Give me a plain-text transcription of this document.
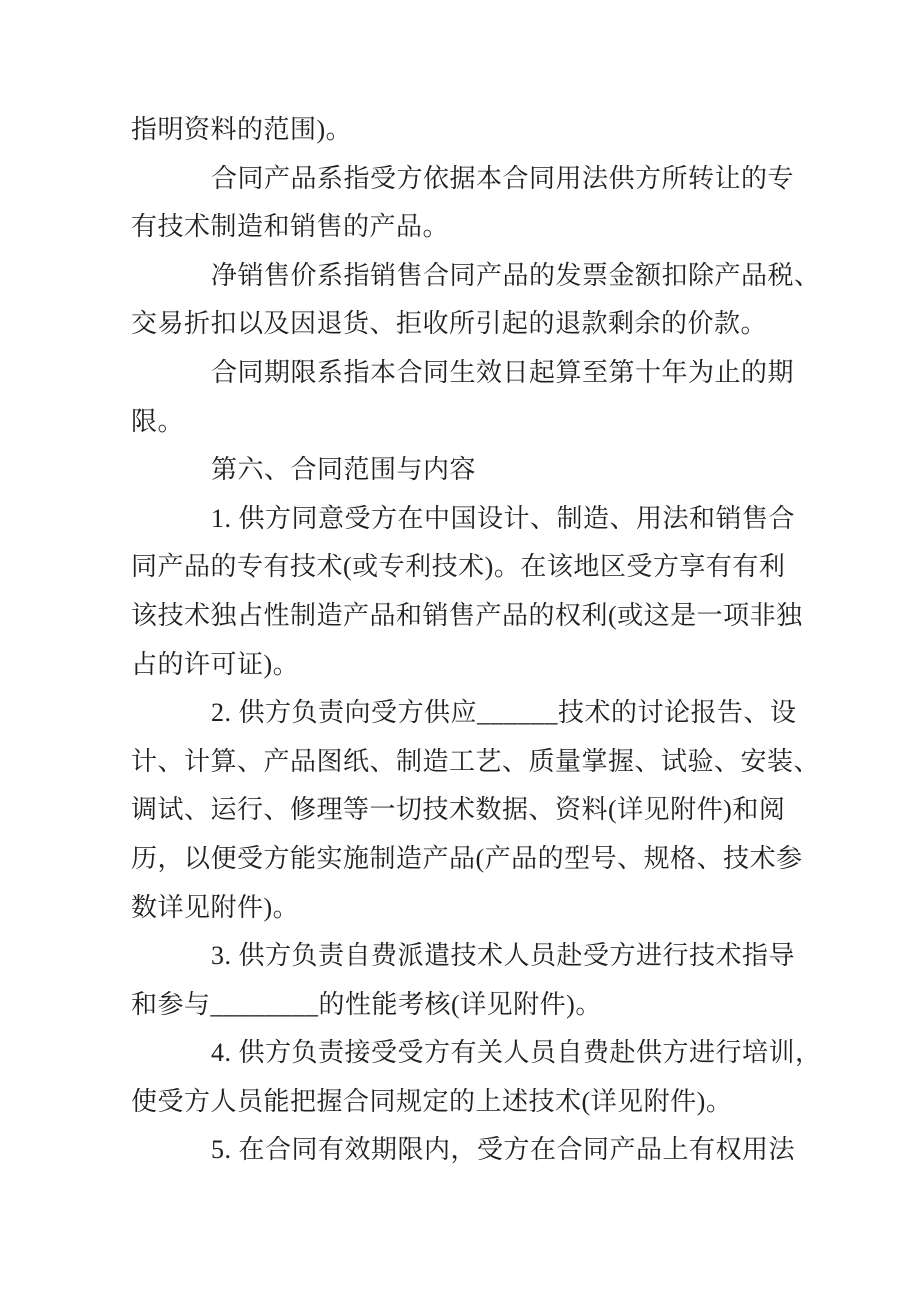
指明资料的范围)。
合同产品系指受方依据本合同用法供方所转让的专
有技术制造和销售的产品。
净销售价系指销售合同产品的发票金额扣除产品税、
交易折扣以及因退货、拒收所引起的退款剩余的价款。
合同期限系指本合同生效日起算至第十年为止的期
限。
第六、合同范围与内容
1. 供方同意受方在中国设计、制造、用法和销售合
同产品的专有技术(或专利技术)。在该地区受方享有有利
该技术独占性制造产品和销售产品的权利(或这是一项非独
占的许可证)。
2. 供方负责向受方供应______技术的讨论报告、设
计、计算、产品图纸、制造工艺、质量掌握、试验、安装、
调试、运行、修理等一切技术数据、资料(详见附件)和阅
历，以便受方能实施制造产品(产品的型号、规格、技术参
数详见附件)。
3. 供方负责自费派遣技术人员赴受方进行技术指导
和参与________的性能考核(详见附件)。
4. 供方负责接受受方有关人员自费赴供方进行培训，
使受方人员能把握合同规定的上述技术(详见附件)。
5. 在合同有效期限内，受方在合同产品上有权用法
